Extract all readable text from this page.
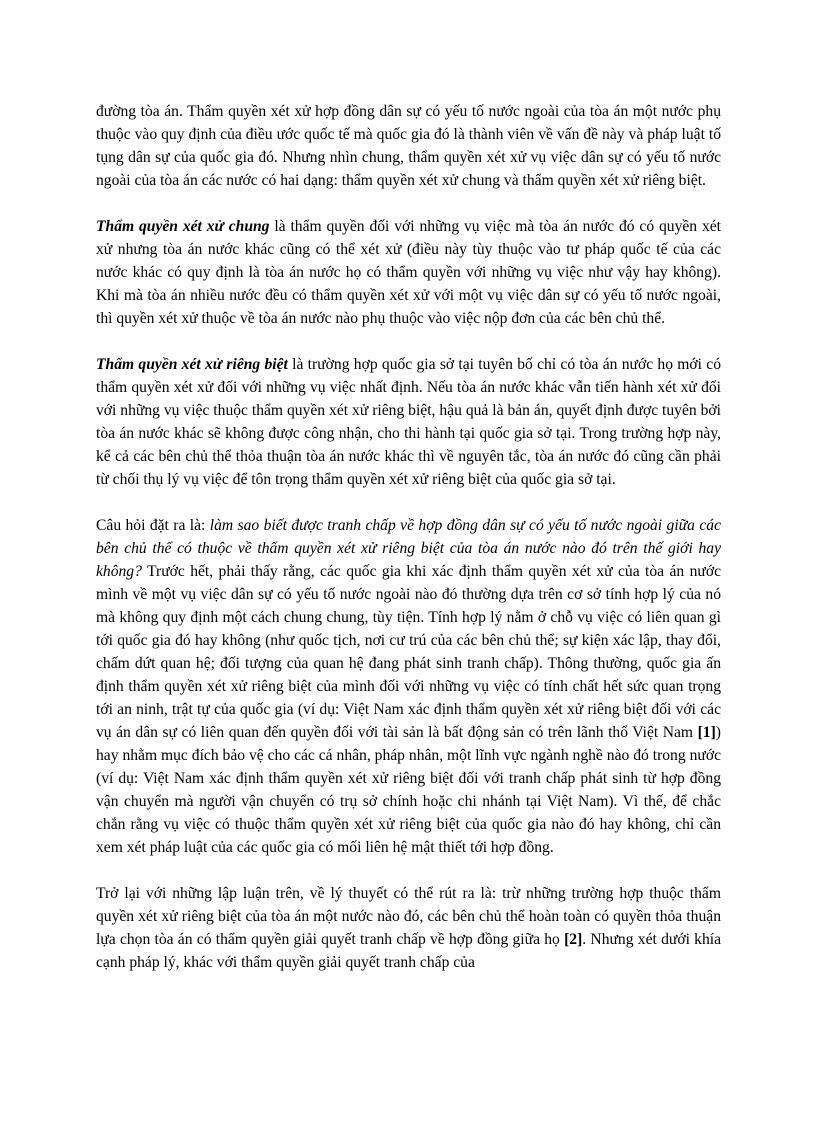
đường tòa án. Thẩm quyền xét xử hợp đồng dân sự có yếu tố nước ngoài của tòa án một nước phụ thuộc vào quy định của điều ước quốc tế mà quốc gia đó là thành viên về vấn đề này và pháp luật tố tụng dân sự của quốc gia đó. Nhưng nhìn chung, thẩm quyền xét xử vụ việc dân sự có yếu tố nước ngoài của tòa án các nước có hai dạng: thẩm quyền xét xử chung và thẩm quyền xét xử riêng biệt.

Thẩm quyền xét xử chung là thẩm quyền đối với những vụ việc mà tòa án nước đó có quyền xét xử nhưng tòa án nước khác cũng có thể xét xử (điều này tùy thuộc vào tư pháp quốc tế của các nước khác có quy định là tòa án nước họ có thẩm quyền với những vụ việc như vậy hay không). Khi mà tòa án nhiều nước đều có thẩm quyền xét xử với một vụ việc dân sự có yếu tố nước ngoài, thì quyền xét xử thuộc về tòa án nước nào phụ thuộc vào việc nộp đơn của các bên chủ thể.

Thẩm quyền xét xử riêng biệt là trường hợp quốc gia sở tại tuyên bố chỉ có tòa án nước họ mới có thẩm quyền xét xử đối với những vụ việc nhất định. Nếu tòa án nước khác vẫn tiến hành xét xử đối với những vụ việc thuộc thẩm quyền xét xử riêng biệt, hậu quả là bản án, quyết định được tuyên bởi tòa án nước khác sẽ không được công nhận, cho thi hành tại quốc gia sở tại. Trong trường hợp này, kể cả các bên chủ thể thỏa thuận tòa án nước khác thì về nguyên tắc, tòa án nước đó cũng cần phải từ chối thụ lý vụ việc để tôn trọng thẩm quyền xét xử riêng biệt của quốc gia sở tại.

Câu hỏi đặt ra là: làm sao biết được tranh chấp về hợp đồng dân sự có yếu tố nước ngoài giữa các bên chủ thể có thuộc về thẩm quyền xét xử riêng biệt của tòa án nước nào đó trên thế giới hay không? Trước hết, phải thấy rằng, các quốc gia khi xác định thẩm quyền xét xử của tòa án nước mình về một vụ việc dân sự có yếu tố nước ngoài nào đó thường dựa trên cơ sở tính hợp lý của nó mà không quy định một cách chung chung, tùy tiện. Tính hợp lý nằm ở chỗ vụ việc có liên quan gì tới quốc gia đó hay không (như quốc tịch, nơi cư trú của các bên chủ thể; sự kiện xác lập, thay đổi, chấm dứt quan hệ; đối tượng của quan hệ đang phát sinh tranh chấp). Thông thường, quốc gia ấn định thẩm quyền xét xử riêng biệt của mình đối với những vụ việc có tính chất hết sức quan trọng tới an ninh, trật tự của quốc gia (ví dụ: Việt Nam xác định thẩm quyền xét xử riêng biệt đối với các vụ án dân sự có liên quan đến quyền đối với tài sản là bất động sản có trên lãnh thổ Việt Nam [1]) hay nhằm mục đích bảo vệ cho các cá nhân, pháp nhân, một lĩnh vực ngành nghề nào đó trong nước (ví dụ: Việt Nam xác định thẩm quyền xét xử riêng biệt đối với tranh chấp phát sinh từ hợp đồng vận chuyển mà người vận chuyển có trụ sở chính hoặc chi nhánh tại Việt Nam). Vì thế, để chắc chắn rằng vụ việc có thuộc thẩm quyền xét xử riêng biệt của quốc gia nào đó hay không, chỉ cần xem xét pháp luật của các quốc gia có mối liên hệ mật thiết tới hợp đồng.

Trở lại với những lập luận trên, về lý thuyết có thể rút ra là: trừ những trường hợp thuộc thẩm quyền xét xử riêng biệt của tòa án một nước nào đó, các bên chủ thể hoàn toàn có quyền thỏa thuận lựa chọn tòa án có thẩm quyền giải quyết tranh chấp về hợp đồng giữa họ [2]. Nhưng xét dưới khía cạnh pháp lý, khác với thẩm quyền giải quyết tranh chấp của
